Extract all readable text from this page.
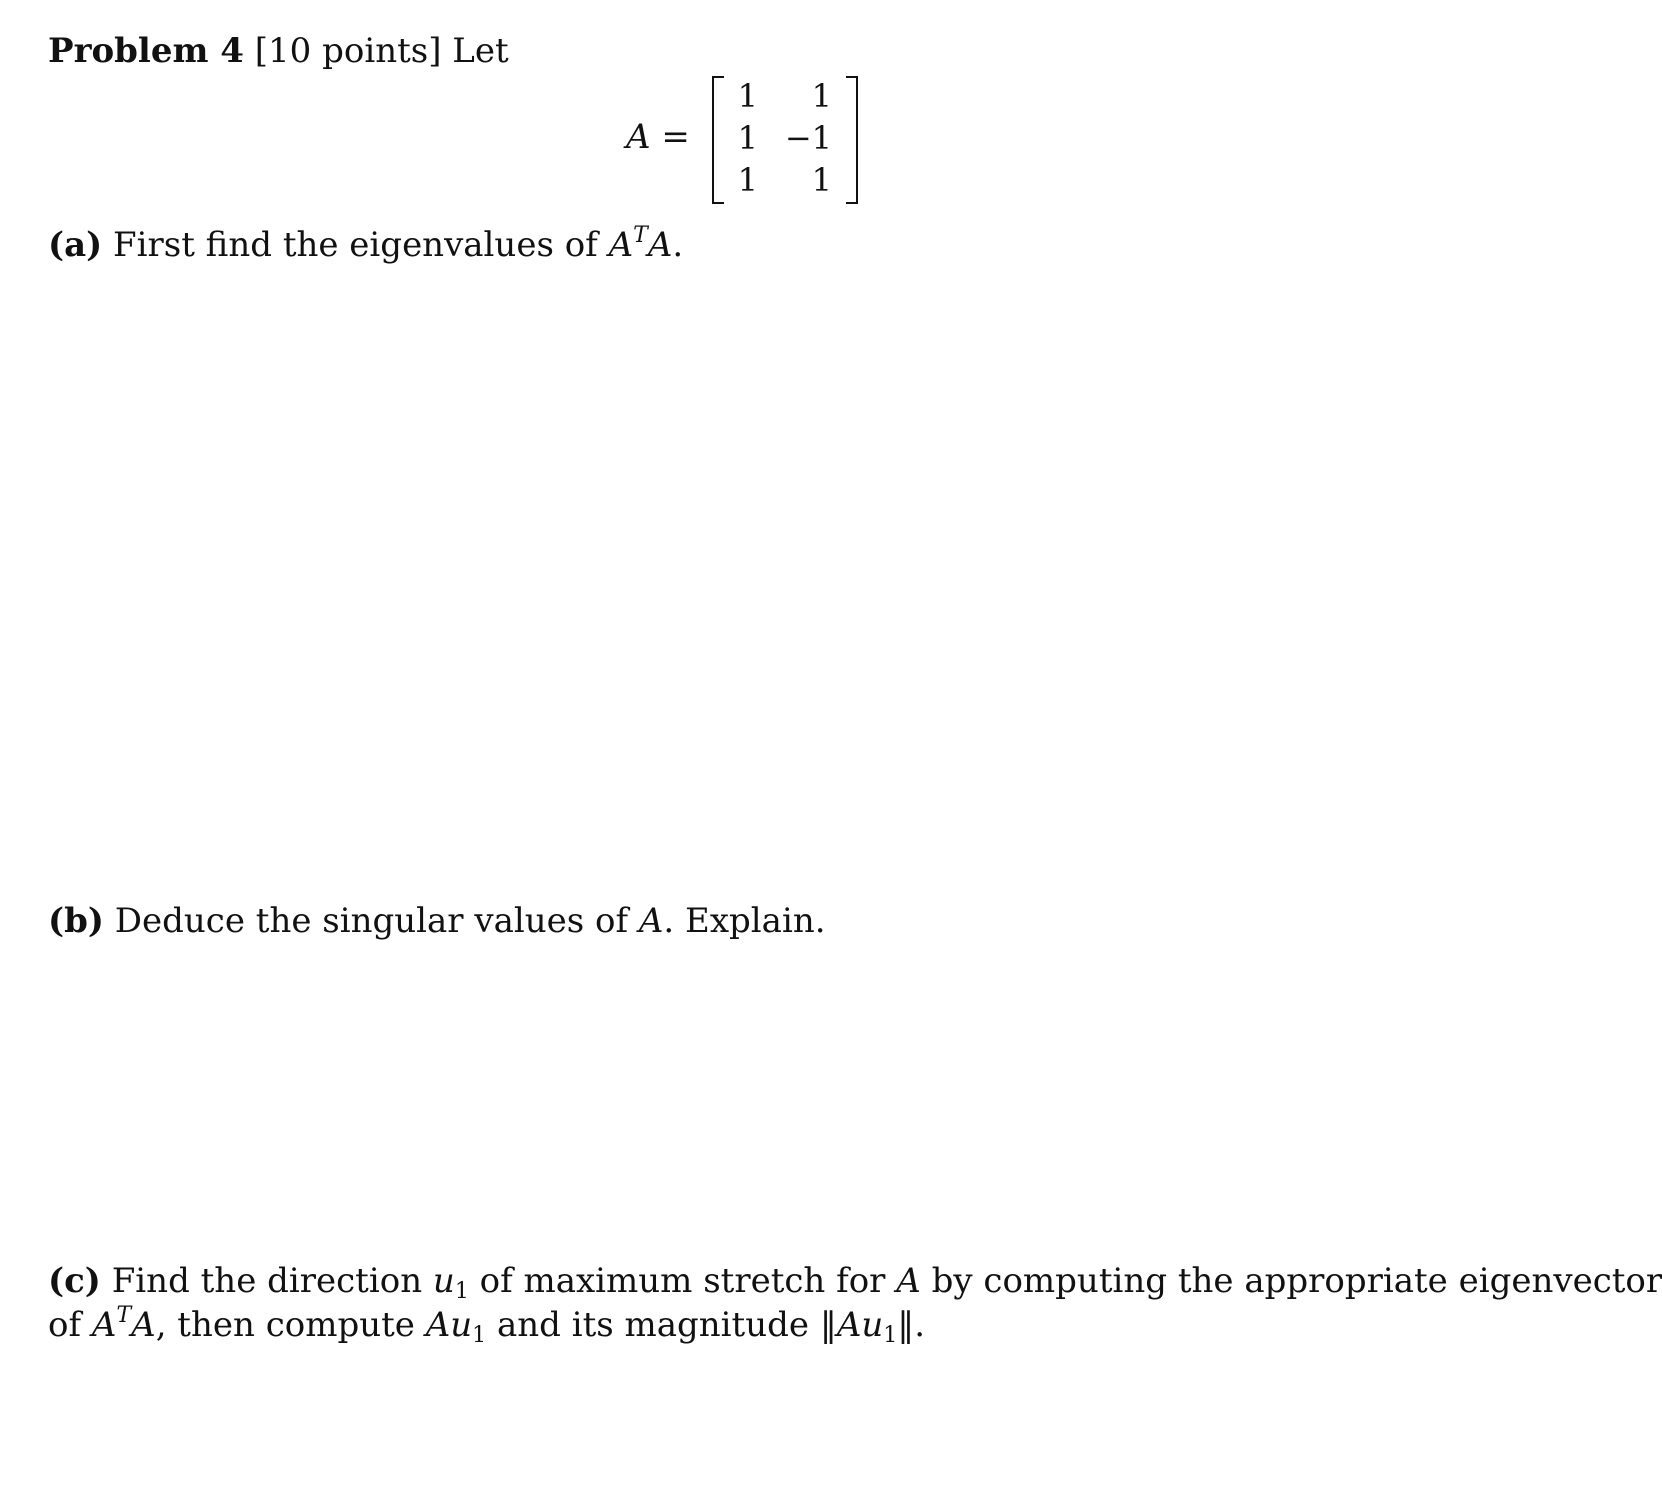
Problem 4 [10 points] Let
A =
1
1
1
1
−1
1
(a) First find the eigenvalues of $A^TA$.
(b) Deduce the singular values of A. Explain.
(c) Find the direction $u_1$ of maximum stretch for A by computing the appropriate eigenvector
of $A^TA$, then compute $Au_1$ and its magnitude $‖Au_1‖$.
